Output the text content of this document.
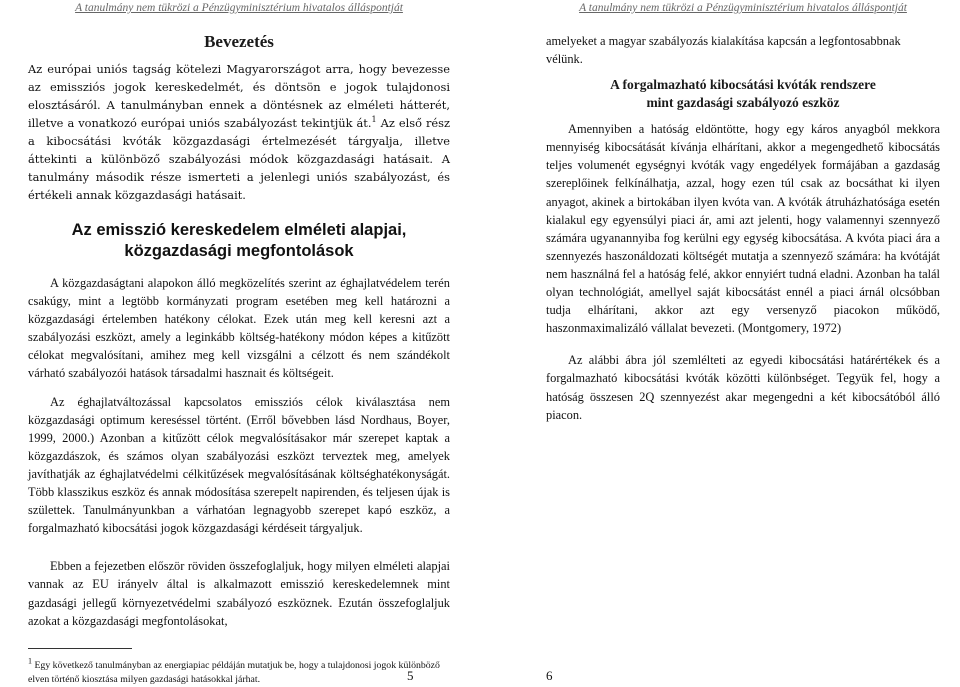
A tanulmány nem tükrözi a Pénzügyminisztérium hivatalos álláspontját
Bevezetés

Az európai uniós tagság kötelezi Magyarországot arra, hogy bevezesse az emissziós jogok kereskedelmét, és döntsön e jogok tulajdonosi elosztásáról. A tanulmányban ennek a döntésnek az elméleti hátterét, illetve a vonatkozó európai uniós szabályozást tekintjük át.$^1$ Az első rész a kibocsátási kvóták közgazdasági értelmezését tárgyalja, illetve áttekinti a különböző szabályozási módok közgazdasági hatásait. A tanulmány második része ismerteti a jelenlegi uniós szabályozást, és értékeli annak közgazdasági hatásait.

Az emisszió kereskedelem elméleti alapjai,
közgazdasági megfontolások

A közgazdaságtani alapokon álló megközelítés szerint az éghajlatvédelem terén csakúgy, mint a legtöbb kormányzati program esetében meg kell határozni a közgazdasági értelemben hatékony célokat. Ezek után meg kell keresni azt a szabályozási eszközt, amely a leginkább költség-hatékony módon képes a kitűzött célokat megvalósítani, amihez meg kell vizsgálni a célzott és nem szándékolt várható szabályozói hatások társadalmi hasznait és költségeit.

Az éghajlatváltozással kapcsolatos emissziós célok kiválasztása nem közgazdasági optimum kereséssel történt. (Erről bővebben lásd Nordhaus, Boyer, 1999, 2000.) Azonban a kitűzött célok megvalósításakor már szerepet kaptak a közgazdászok, és számos olyan szabályozási eszközt terveztek meg, amelyek javíthatják az éghajlatvédelmi célkitűzések megvalósításának költséghatékonyságát. Több klasszikus eszköz és annak módosítása szerepelt napirenden, és teljesen újak is születtek. Tanulmányunkban a várhatóan legnagyobb szerepet kapó eszköz, a forgalmazható kibocsátási jogok közgazdasági kérdéseit tárgyaljuk.

Ebben a fejezetben először röviden összefoglaljuk, hogy milyen elméleti alapjai vannak az EU irányelv által is alkalmazott emisszió kereskedelemnek mint gazdasági jellegű környezetvédelmi szabályozó eszköznek. Ezután összefoglaljuk azokat a közgazdasági megfontolásokat,

$^1$ Egy következő tanulmányban az energiapiac példáján mutatjuk be, hogy a tulajdonosi jogok különböző elven történő kiosztása milyen gazdasági hatásokkal járhat.	5
A tanulmány nem tükrözi a Pénzügyminisztérium hivatalos álláspontját

amelyeket a magyar szabályozás kialakítása kapcsán a legfontosabbnak vélünk.

A forgalmazható kibocsátási kvóták rendszere
mint gazdasági szabályozó eszköz

Amennyiben a hatóság eldöntötte, hogy egy káros anyagból mekkora mennyiség kibocsátását kívánja elhárítani, akkor a megengedhető kibocsátás teljes volumenét egységnyi kvóták vagy engedélyek formájában a gazdaság szereplőinek felkínálhatja, azzal, hogy ezen túl csak az bocsáthat ki ilyen anyagot, akinek a birtokában ilyen kvóta van. A kvóták átruházhatósága esetén kialakul egy egyensúlyi piaci ár, ami azt jelenti, hogy valamennyi szennyező számára ugyanannyiba fog kerülni egy egység kibocsátása. A kvóta piaci ára a szennyezés haszonáldozati költségét mutatja a szennyező számára: ha kvótáját nem használná fel a hatóság felé, akkor ennyiért tudná eladni. Azonban ha talál olyan technológiát, amellyel saját kibocsátást ennél a piaci árnál olcsóbban tudja elhárítani, akkor azt egy versenyző piacokon működő, haszonmaximalizáló vállalat bevezeti. (Montgomery, 1972)

Az alábbi ábra jól szemlélteti az egyedi kibocsátási határértékek és a forgalmazható kibocsátási kvóták közötti különbséget. Tegyük fel, hogy a hatóság összesen 2Q szennyezést akar megengedni a két kibocsátóból álló piacon.

6
